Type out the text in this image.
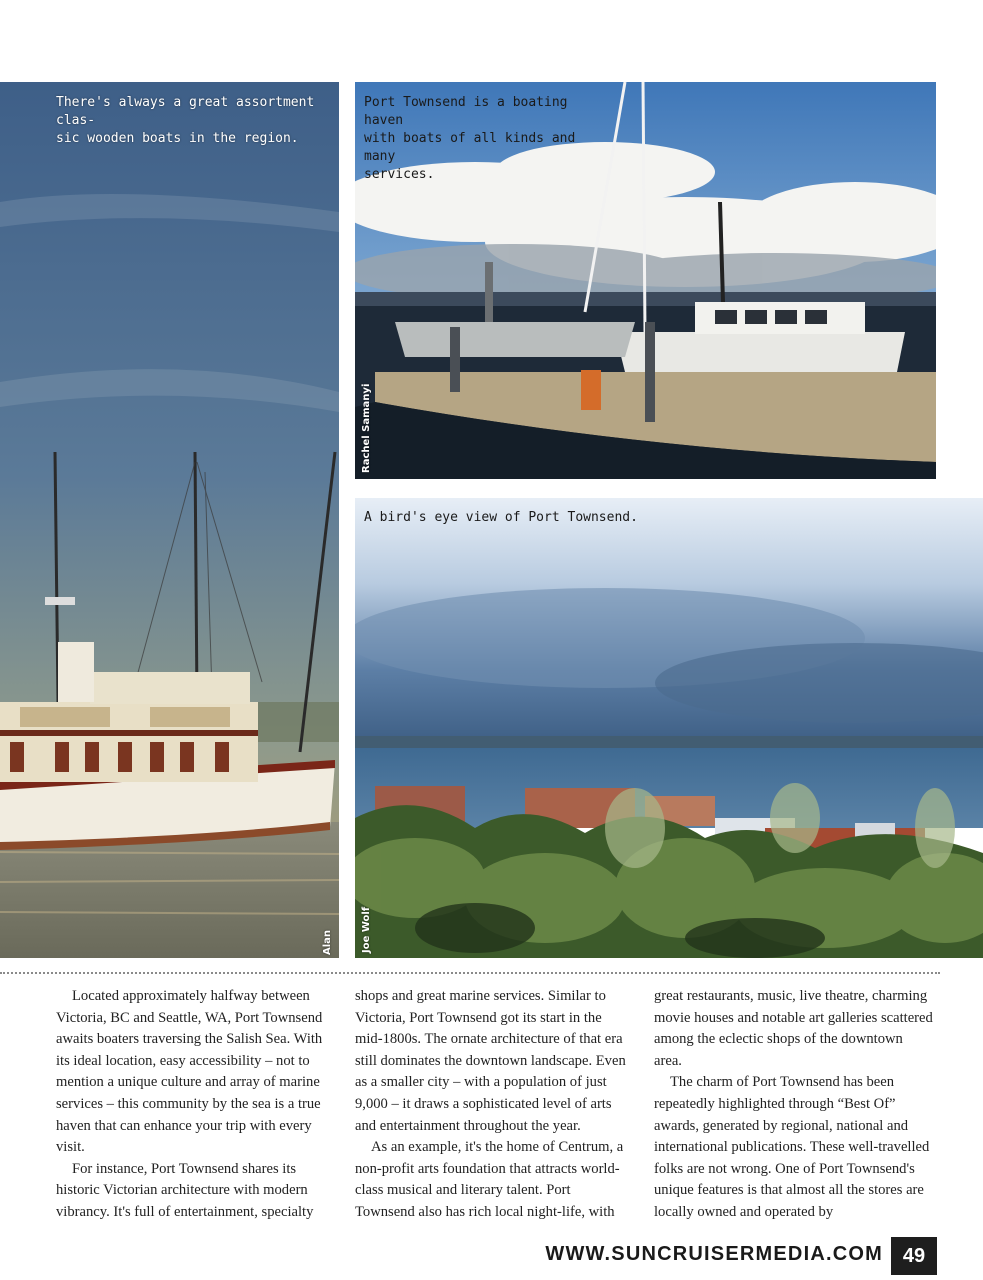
There's always a great assortment clas-
sic wooden boats in the region.

Alan

Port Townsend is a boating haven
with boats of all kinds and many
services.

Rachel Samanyi

A bird's eye view of Port Townsend.

Joe Wolf

Located approximately halfway between Victoria, BC and Seattle, WA, Port Townsend awaits boaters traversing the Salish Sea. With its ideal location, easy accessibility – not to mention a unique culture and array of marine services – this community by the sea is a true haven that can enhance your trip with every visit.

For instance, Port Townsend shares its historic Victorian architecture with modern vibrancy. It's full of entertainment, specialty

shops and great marine services. Similar to Victoria, Port Townsend got its start in the mid-1800s. The ornate architecture of that era still dominates the downtown landscape. Even as a smaller city – with a population of just 9,000 – it draws a sophisticated level of arts and entertainment throughout the year.

As an example, it's the home of Centrum, a non-profit arts foundation that attracts world-class musical and literary talent. Port Townsend also has rich local night-life, with

great restaurants, music, live theatre, charming movie houses and notable art galleries scattered among the eclectic shops of the downtown area.

The charm of Port Townsend has been repeatedly highlighted through “Best Of” awards, generated by regional, national and international publications. These well-travelled folks are not wrong. One of Port Townsend's unique features is that almost all the stores are locally owned and operated by

WWW.SUNCRUISERMEDIA.COM 49
